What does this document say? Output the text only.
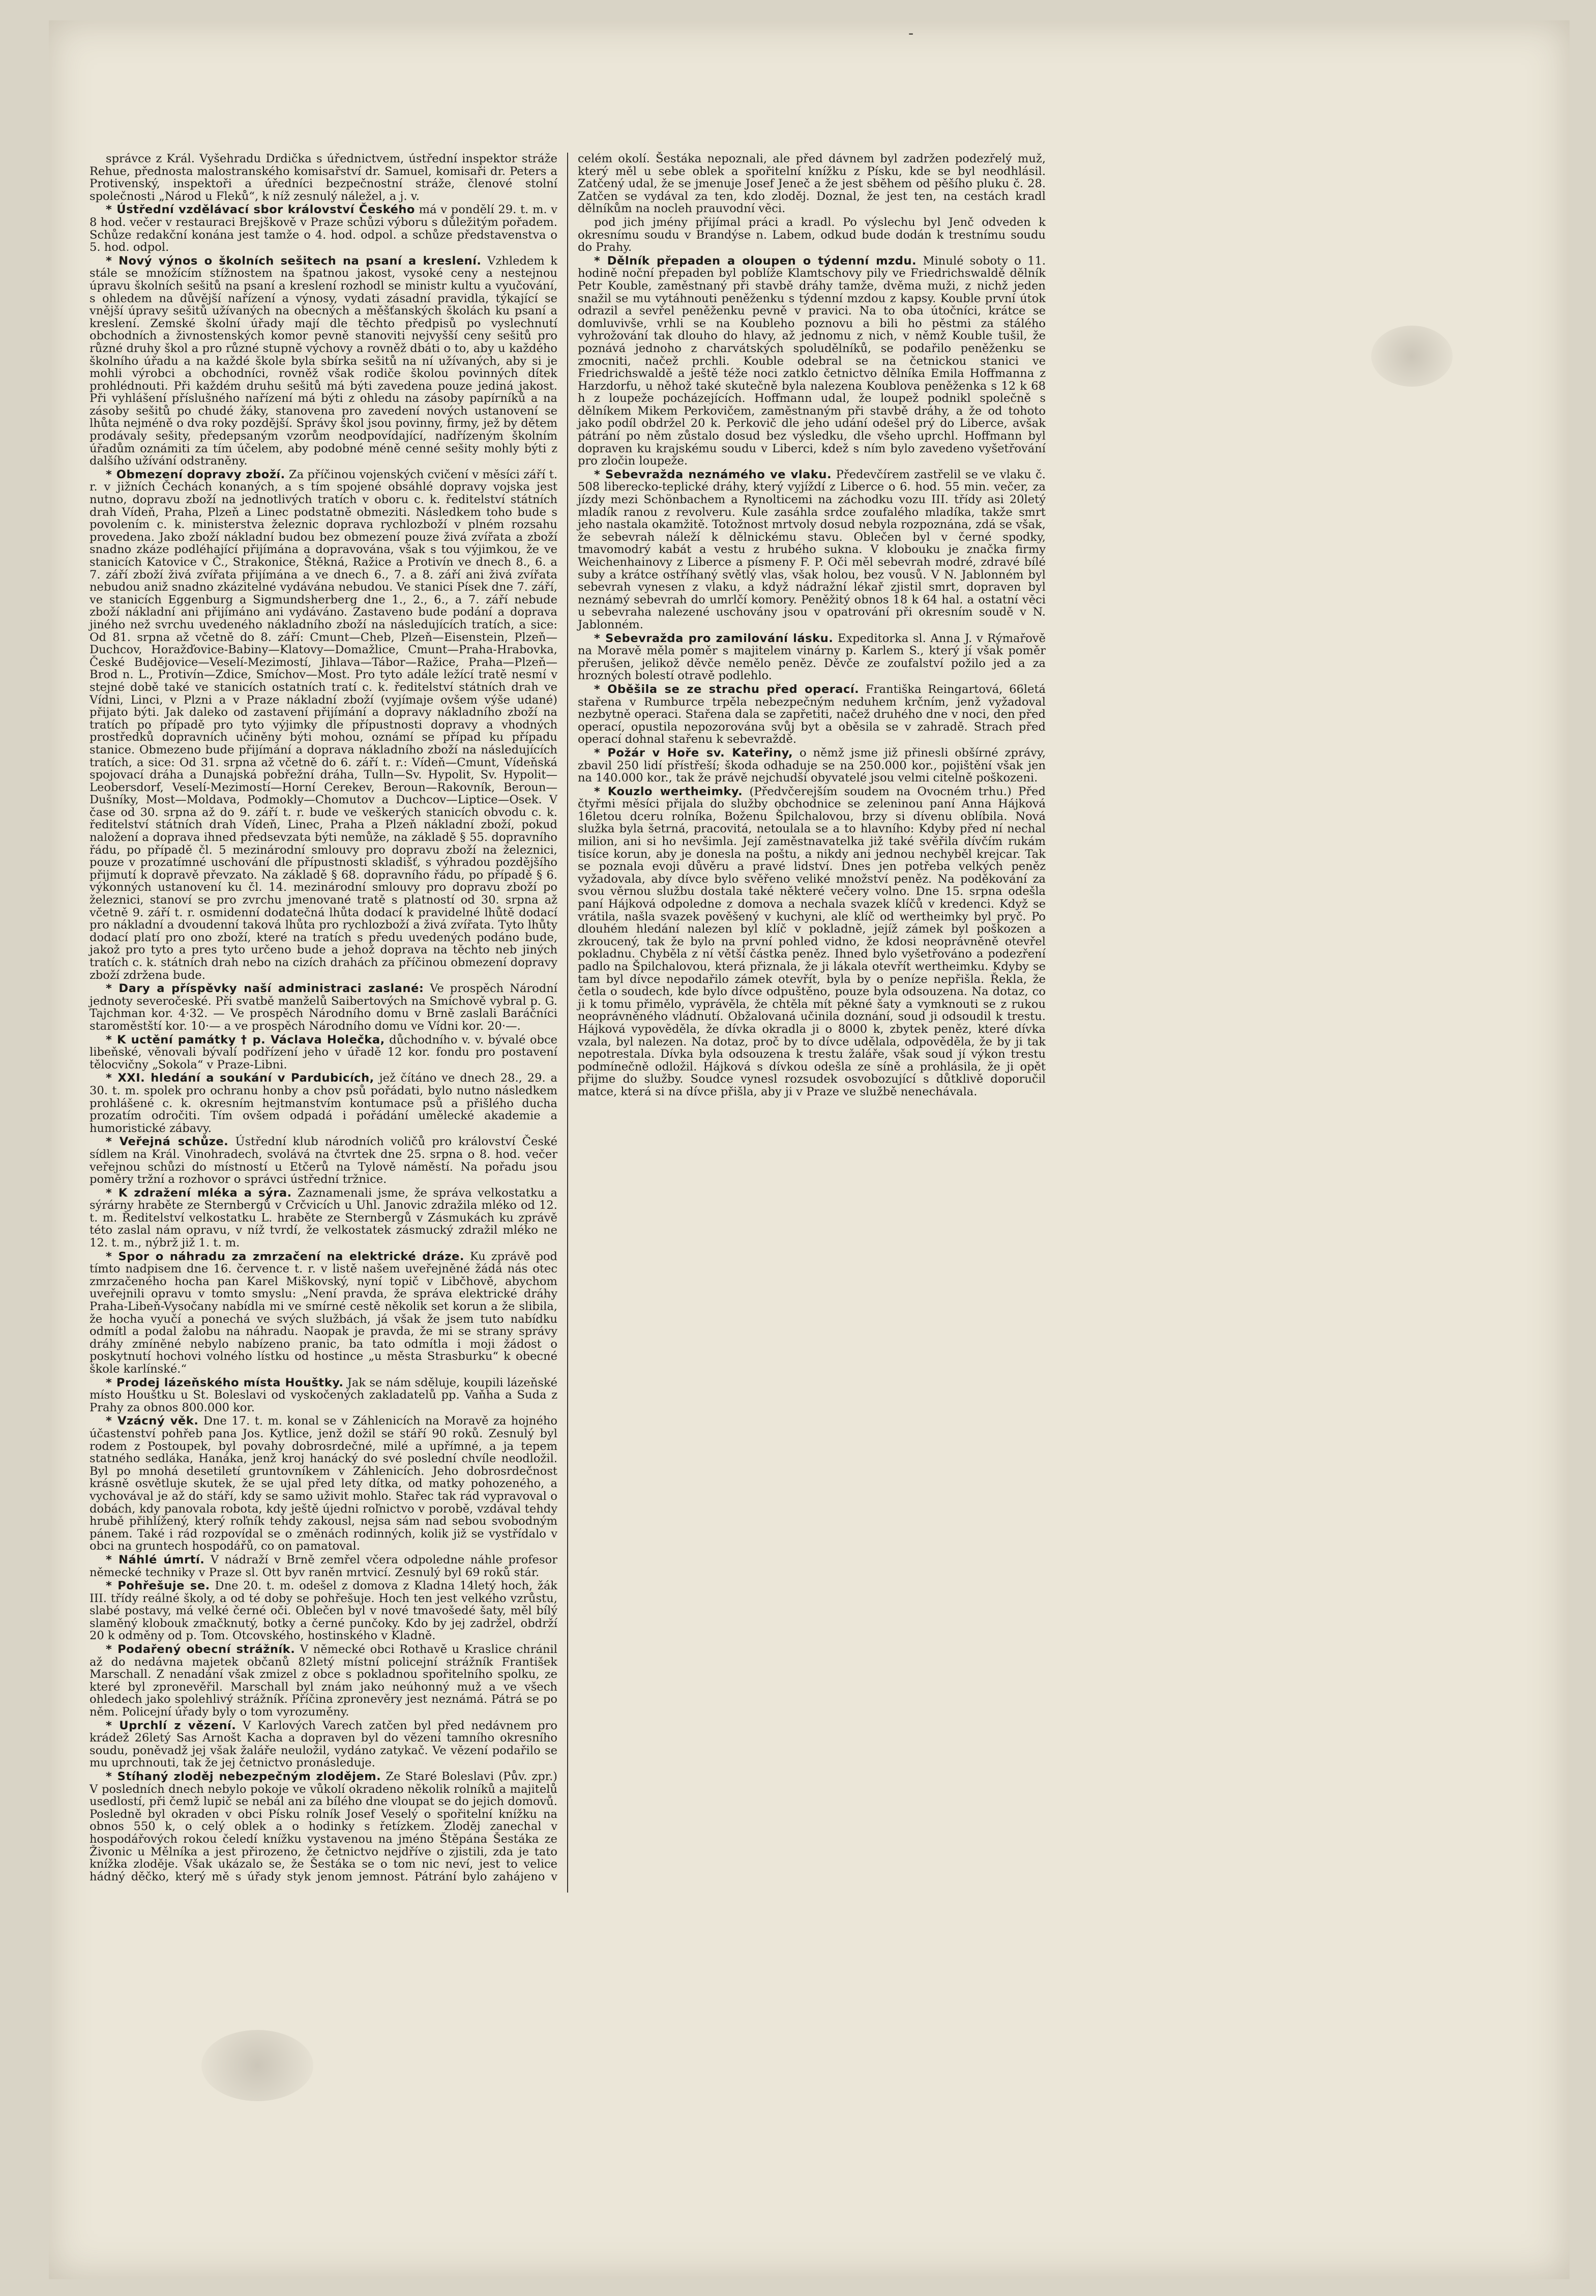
-

správce z Král. Vyšehradu Drdička s úřednictvem, ústřední inspektor stráže Rehue, přednosta malostranského komisařství dr. Samuel, komisaři dr. Peters a Protivenský, inspektoři a úředníci bezpečnostní stráže, členové stolní společnosti „Národ u Fleků“, k níž zesnulý náležel, a j. v.

* Ústřední vzdělávací sbor království Českého má v pondělí 29. t. m. v 8 hod. večer v restauraci Brejškově v Praze schůzi výboru s důležitým pořadem. Schůze redakční konána jest tamže o 4. hod. odpol. a schůze představenstva o 5. hod. odpol.

* Nový výnos o školních sešitech na psaní a kreslení. Vzhledem k stále se množícím stížnostem na špatnou jakost, vysoké ceny a nestejnou úpravu školních sešitů na psaní a kreslení rozhodl se ministr kultu a vyučování, s ohledem na důvější nařízení a výnosy, vydati zásadní pravidla, týkající se vnější úpravy sešitů užívaných na obecných a měšťanských školách ku psaní a kreslení. Zemské školní úřady mají dle těchto předpisů po vyslechnutí obchodních a živnostenských komor pevně stanoviti nejvyšší ceny sešitů pro různé druhy škol a pro různé stupně výchovy a rovněž dbáti o to, aby u každého školního úřadu a na každé škole byla sbírka sešitů na ní užívaných, aby si je mohli výrobci a obchodníci, rovněž však rodiče školou povinných dítek prohlédnouti. Při každém druhu sešitů má býti zavedena pouze jediná jakost. Při vyhlášení příslušného nařízení má býti z ohledu na zásoby papírníků a na zásoby sešitů po chudé žáky, stanovena pro zavedení nových ustanovení se lhůta nejméně o dva roky pozdější. Správy škol jsou povinny, firmy, jež by dětem prodávaly sešity, předepsaným vzorům neodpovídající, nadřízeným školním úřadům oznámiti za tím účelem, aby podobné méně cenné sešity mohly býti z dalšího užívání odstraněny.

* Obmezení dopravy zboží. Za příčinou vojenských cvičení v měsíci září t. r. v jižních Čechách konaných, a s tím spojené obsáhlé dopravy vojska jest nutno, dopravu zboží na jednotlivých tratích v oboru c. k. ředitelství státních drah Vídeň, Praha, Plzeň a Linec podstatně obmeziti. Následkem toho bude s povolením c. k. ministerstva železnic doprava rychlozboží v plném rozsahu provedena. Jako zboží nákladní budou bez obmezení pouze živá zvířata a zboží snadno zkáze podléhající přijímána a dopravována, však s tou výjimkou, že ve stanicích Katovice v Č., Strakonice, Štěkná, Ražice a Protivín ve dnech 8., 6. a 7. září zboží živá zvířata přijímána a ve dnech 6., 7. a 8. září ani živá zvířata nebudou aniž snadno zkázitelné vydávána nebudou. Ve stanici Písek dne 7. září, ve stanicích Eggenburg a Sigmundsherberg dne 1., 2., 6., a 7. září nebude zboží nákladní ani přijímáno ani vydáváno. Zastaveno bude podání a doprava jiného než svrchu uvedeného nákladního zboží na následujících tratích, a sice: Od 81. srpna až včetně do 8. září: Cmunt—Cheb, Plzeň—Eisenstein, Plzeň—Duchcov, Horažďovice-Babiny—Klatovy—Domažlice, Cmunt—Praha-Hrabovka, České Budějovice—Veselí-Mezimostí, Jihlava—Tábor—Ražice, Praha—Plzeň—Brod n. L., Protivín—Zdice, Smíchov—Most. Pro tyto adále ležící tratě nesmí v stejné době také ve stanicích ostatních tratí c. k. ředitelství státních drah ve Vídni, Linci, v Plzni a v Praze nákladní zboží (vyjímaje ovšem výše udané) přijato býti. Jak daleko od zastavení přijímání a dopravy nákladního zboží na tratích po případě pro tyto výjimky dle přípustnosti dopravy a vhodných prostředků dopravních učiněny býti mohou, oznámí se případ ku případu stanice. Obmezeno bude přijímání a doprava nákladního zboží na následujících tratích, a sice: Od 31. srpna až včetně do 6. září t. r.: Vídeň—Cmunt, Vídeňská spojovací dráha a Dunajská pobřežní dráha, Tulln—Sv. Hypolit, Sv. Hypolit—Leobersdorf, Veselí-Mezimostí—Horní Cerekev, Beroun—Rakovník, Beroun—Dušníky, Most—Moldava, Podmokly—Chomutov a Duchcov—Liptice—Osek. V čase od 30. srpna až do 9. září t. r. bude ve veškerých stanicích obvodu c. k. ředitelství státních drah Vídeň, Linec, Praha a Plzeň nákladní zboží, pokud naložení a doprava ihned předsevzata býti nemůže, na základě § 55. dopravního řádu, po případě čl. 5 mezinárodní smlouvy pro dopravu zboží na železnici, pouze v prozatímné uschování dle přípustnosti skladišť, s výhradou pozdějšího přijmutí k dopravě převzato. Na základě § 68. dopravního řádu, po případě § 6. výkonných ustanovení ku čl. 14. mezinárodní smlouvy pro dopravu zboží po železnici, stanoví se pro zvrchu jmenované tratě s platností od 30. srpna až včetně 9. září t. r. osmidenní dodatečná lhůta dodací k pravidelné lhůtě dodací pro nákladní a dvoudenní taková lhůta pro rychlozboží a živá zvířata. Tyto lhůty dodací platí pro ono zboží, které na tratích s předu uvedených podáno bude, jakož pro tyto a pres tyto určeno bude a jehož doprava na těchto neb jiných tratích c. k. státních drah nebo na cizích drahách za příčinou obmezení dopravy zboží zdržena bude.

* Dary a příspěvky naší administraci zaslané: Ve prospěch Národní jednoty severočeské. Při svatbě manželů Saibertových na Smíchově vybral p. G. Tajchman kor. 4·32. — Ve prospěch Národního domu v Brně zaslali Baráčníci staroměstští kor. 10·— a ve prospěch Národního domu ve Vídni kor. 20·—.

* K uctění památky † p. Václava Holečka, důchodního v. v. bývalé obce libeňské, věnovali bývalí podřízení jeho v úřadě 12 kor. fondu pro postavení tělocvičny „Sokola“ v Praze-Libni.

* XXI. hledání a soukání v Pardubicích, jež čítáno ve dnech 28., 29. a 30. t. m. spolek pro ochranu honby a chov psů pořádati, bylo nutno následkem prohlášené c. k. okresním hejtmanstvím kontumace psů a přišlého ducha prozatím odročiti. Tím ovšem odpadá i pořádání umělecké akademie a humoristické zábavy.

* Veřejná schůze. Ústřední klub národních voličů pro království České sídlem na Král. Vinohradech, svolává na čtvrtek dne 25. srpna o 8. hod. večer veřejnou schůzi do místností u Etčerů na Tylově náměstí. Na pořadu jsou poměry tržní a rozhovor o správci ústřední tržnice.

* K zdražení mléka a sýra. Zaznamenali jsme, že správa velkostatku a sýrárny hraběte ze Sternbergů v Crčvicích u Uhl. Janovic zdražila mléko od 12. t. m. Ředitelství velkostatku L. hraběte ze Sternbergů v Zásmukách ku zprávě této zaslal nám opravu, v níž tvrdí, že velkostatek zásmucký zdražil mléko ne 12. t. m., nýbrž již 1. t. m.

* Spor o náhradu za zmrzačení na elektrické dráze. Ku zprávě pod tímto nadpisem dne 16. července t. r. v listě našem uveřejněné žádá nás otec zmrzačeného hocha pan Karel Miškovský, nyní topič v Libčhově, abychom uveřejnili opravu v tomto smyslu: „Není pravda, že správa elektrické dráhy Praha-Libeň-Vysočany nabídla mi ve smírné cestě několik set korun a že slibila, že hocha vyučí a ponechá ve svých službách, já však že jsem tuto nabídku odmítl a podal žalobu na náhradu. Naopak je pravda, že mi se strany správy dráhy zmíněné nebylo nabízeno pranic, ba tato odmítla i moji žádost o poskytnutí hochovi volného lístku od hostince „u města Strasburku“ k obecné škole karlínské.“

* Prodej lázeňského místa Houštky. Jak se nám sděluje, koupili lázeňské místo Houštku u St. Boleslavi od vyskočených zakladatelů pp. Vaňha a Suda z Prahy za obnos 800.000 kor.

* Vzácný věk. Dne 17. t. m. konal se v Záhlenicích na Moravě za hojného účastenství pohřeb pana Jos. Kytlice, jenž dožil se stáří 90 roků. Zesnulý byl rodem z Postoupek, byl povahy dobrosrdečné, milé a upřímné, a ja tepem statného sedláka, Hanáka, jenž kroj hanácký do své poslední chvíle neodložil. Byl po mnohá desetiletí gruntovníkem v Záhlenicích. Jeho dobrosrdečnost krásně osvětluje skutek, že se ujal před lety dítka, od matky pohozeného, a vychovával je až do stáří, kdy se samo uživit mohlo. Stařec tak rád vypravoval o dobách, kdy panovala robota, kdy ještě újedni roľnictvo v porobě, vzdával tehdy hrubě přihlížený, který roľník tehdy zakousl, nejsa sám nad sebou svobodným pánem. Také i rád rozpovídal se o změnách rodinných, kolik již se vystřídalo v obci na gruntech hospodářů, co on pamatoval.

* Náhlé úmrtí. V nádraží v Brně zemřel včera odpoledne náhle profesor německé techniky v Praze sl. Ott byv raněn mrtvicí. Zesnulý byl 69 roků stár.

* Pohřešuje se. Dne 20. t. m. odešel z domova z Kladna 14letý hoch, žák III. třídy reálné školy, a od té doby se pohřešuje. Hoch ten jest velkého vzrůstu, slabé postavy, má velké černé oči. Oblečen byl v nové tmavošedé šaty, měl bílý slaměný klobouk zmačknutý, botky a černé punčoky. Kdo by jej zadržel, obdrží 20 k odměny od p. Tom. Otcovského, hostinského v Kladně.

* Podařený obecní strážník. V německé obci Rothavě u Kraslice chránil až do nedávna majetek občanů 82letý místní policejní strážník František Marschall. Z nenadání však zmizel z obce s pokladnou spořitelního spolku, ze které byl zpronevěřil. Marschall byl znám jako neúhonný muž a ve všech ohledech jako spolehlivý strážník. Příčina zpronevěry jest neznámá. Pátrá se po něm. Policejní úřady byly o tom vyrozuměny.

* Uprchlí z vězení. V Karlových Varech zatčen byl před nedávnem pro krádež 26letý Sas Arnošt Kacha a dopraven byl do vězení tamního okresního soudu, poněvadž jej však žaláře neuložil, vydáno zatykač. Ve vězení podařilo se mu uprchnouti, tak že jej četnictvo pronásleduje.

* Stíhaný zloděj nebezpečným zlodějem. Ze Staré Boleslavi (Pův. zpr.) V posledních dnech nebylo pokoje ve vůkolí okradeno několik rolníků a majitelů usedlostí, při čemž lupič se nebál ani za bílého dne vloupat se do jejich domovů. Posledně byl okraden v obci Písku rolník Josef Veselý o spořitelní knížku na obnos 550 k, o celý oblek a o hodinky s řetízkem. Zloděj zanechal v hospodářových rokou čeledí knížku vystavenou na jméno Štěpána Šestáka ze Živonic u Mělníka a jest přirozeno, že četnictvo nejdříve o zjistili, zda je tato knížka zloděje. Však ukázalo se, že Šestáka se o tom nic neví, jest to velice hádný děčko, který mě s úřady styk jenom jemnost. Pátrání bylo zahájeno v celém okolí. Šestáka nepoznali, ale před dávnem byl zadržen podezřelý muž, který měl u sebe oblek a spořitelní knížku z Písku, kde se byl neodhlásil. Zatčený udal, že se jmenuje Josef Jeneč a že jest sběhem od pěšího pluku č. 28. Zatčen se vydával za ten, kdo zloděj. Doznal, že jest ten, na cestách kradl dělníkům na nocleh prauvodní věci.

pod jich jmény přijímal práci a kradl. Po výslechu byl Jenč odveden k okresnímu soudu v Brandýse n. Labem, odkud bude dodán k trestnímu soudu do Prahy.

* Dělník přepaden a oloupen o týdenní mzdu. Minulé soboty o 11. hodině noční přepaden byl poblíže Klamtschovy pily ve Friedrichswaldě dělník Petr Kouble, zaměstnaný při stavbě dráhy tamže, dvěma muži, z nichž jeden snažil se mu vytáhnouti peněženku s týdenní mzdou z kapsy. Kouble první útok odrazil a sevřel peněženku pevně v pravici. Na to oba útočníci, krátce se domluvivše, vrhli se na Koubleho poznovu a bili ho pěstmi za stálého vyhrožování tak dlouho do hlavy, až jednomu z nich, v němž Kouble tušil, že poznává jednoho z charvátských spoludělníků, se podařilo peněženku se zmocniti, načež prchli. Kouble odebral se na četnickou stanici ve Friedrichswaldě a ještě téže noci zatklo četnictvo dělníka Emila Hoffmanna z Harzdorfu, u něhož také skutečně byla nalezena Koublova peněženka s 12 k 68 h z loupeže pocházejících. Hoffmann udal, že loupež podnikl společně s dělníkem Mikem Perkovičem, zaměstnaným při stavbě dráhy, a že od tohoto jako podíl obdržel 20 k. Perkovič dle jeho udání odešel prý do Liberce, avšak pátrání po něm zůstalo dosud bez výsledku, dle všeho uprchl. Hoffmann byl dopraven ku krajskému soudu v Liberci, kdež s ním bylo zavedeno vyšetřování pro zločin loupeže.

* Sebevražda neznámého ve vlaku. Předevčírem zastřelil se ve vlaku č. 508 liberecko-teplické dráhy, který vyjíždí z Liberce o 6. hod. 55 min. večer, za jízdy mezi Schönbachem a Rynolticemi na záchodku vozu III. třídy asi 20letý mladík ranou z revolveru. Kule zasáhla srdce zoufalého mladíka, takže smrt jeho nastala okamžitě. Totožnost mrtvoly dosud nebyla rozpoznána, zdá se však, že sebevrah náleží k dělnickému stavu. Oblečen byl v černé spodky, tmavomodrý kabát a vestu z hrubého sukna. V klobouku je značka firmy Weichenhainovy z Liberce a písmeny F. P. Oči měl sebevrah modré, zdravé bílé suby a krátce ostříhaný světlý vlas, však holou, bez vousů. V N. Jablonném byl sebevrah vynesen z vlaku, a když nádražní lékař zjistil smrt, dopraven byl neznámý sebevrah do umrlčí komory. Peněžitý obnos 18 k 64 hal. a ostatní věci u sebevraha nalezené uschovány jsou v opatrování při okresním soudě v N. Jablonném.

* Sebevražda pro zamilování lásku. Expeditorka sl. Anna J. v Rýmařově na Moravě měla poměr s majitelem vinárny p. Karlem S., který jí však poměr přerušen, jelikož děvče nemělo peněz. Děvče ze zoufalství požilo jed a za hrozných bolestí otravě podlehlo.

* Oběšila se ze strachu před operací. Františka Reingartová, 66letá stařena v Rumburce trpěla nebezpečným neduhem krčním, jenž vyžadoval nezbytně operaci. Stařena dala se zapřetiti, načež druhého dne v noci, den před operací, opustila nepozorována svůj byt a oběsila se v zahradě. Strach před operací dohnal stařenu k sebevraždě.

* Požár v Hoře sv. Kateřiny, o němž jsme již přinesli obšírné zprávy, zbavil 250 lidí přístřeší; škoda odhaduje se na 250.000 kor., pojištění však jen na 140.000 kor., tak že právě nejchudší obyvatelé jsou velmi citelně poškozeni.

* Kouzlo wertheimky. (Předvčerejším soudem na Ovocném trhu.) Před čtyřmi měsíci přijala do služby obchodnice se zeleninou paní Anna Hájková 16letou dceru rolníka, Boženu Špilchalovou, brzy si dívenu oblíbila. Nová služka byla šetrná, pracovitá, netoulala se a to hlavního: Kdyby před ní nechal milion, ani si ho nevšimla. Její zaměstnavatelka již také svěřila dívčím rukám tisíce korun, aby je donesla na poštu, a nikdy ani jednou nechyběl krejcar. Tak se poznala evoji důvěru a pravé lidství. Dnes jen potřeba velkých peněz vyžadovala, aby dívce bylo svěřeno veliké množství peněz. Na poděkování za svou věrnou službu dostala také některé večery volno. Dne 15. srpna odešla paní Hájková odpoledne z domova a nechala svazek klíčů v kredenci. Když se vrátila, našla svazek pověšený v kuchyni, ale klíč od wertheimky byl pryč. Po dlouhém hledání nalezen byl klíč v pokladně, jejíž zámek byl poškozen a zkroucený, tak že bylo na první pohled vidno, že kdosi neoprávněně otevřel pokladnu. Chyběla z ní větší částka peněz. Ihned bylo vyšetřováno a podezření padlo na Špilchalovou, která přiznala, že ji lákala otevřít wertheimku. Kdyby se tam byl dívce nepodařilo zámek otevřít, byla by o peníze nepřišla. Řekla, že četla o soudech, kde bylo dívce odpuštěno, pouze byla odsouzena. Na dotaz, co ji k tomu přimělo, vyprávěla, že chtěla mít pěkné šaty a vymknouti se z rukou neoprávněného vládnutí. Obžalovaná učinila doznání, soud ji odsoudil k trestu. Hájková vypověděla, že dívka okradla ji o 8000 k, zbytek peněz, které dívka vzala, byl nalezen. Na dotaz, proč by to dívce udělala, odpověděla, že by ji tak nepotrestala. Dívka byla odsouzena k trestu žaláře, však soud jí výkon trestu podmínečně odložil. Hájková s dívkou odešla ze síně a prohlásila, že ji opět přijme do služby. Soudce vynesl rozsudek osvobozující s důtklivě doporučil matce, která si na dívce přišla, aby ji v Praze ve službě nenechávala.
